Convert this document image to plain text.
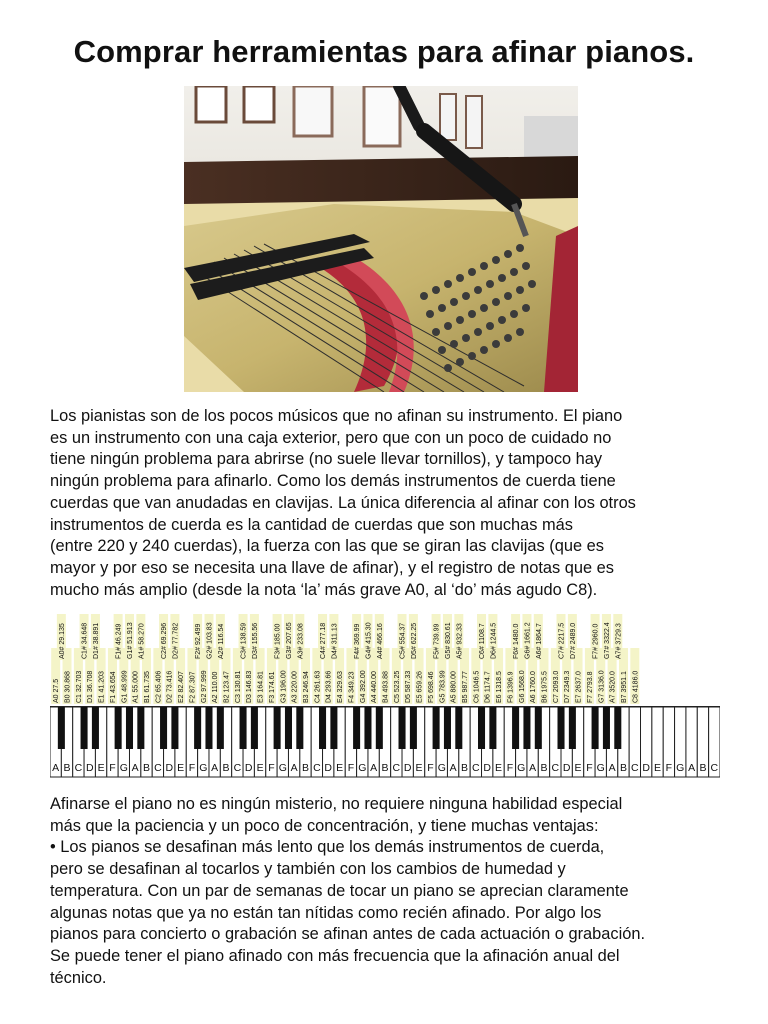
Comprar herramientas para afinar pianos.

Los pianistas son de los pocos músicos que no afinan su instrumento. El piano
es un instrumento con una caja exterior, pero que con un poco de cuidado no
tiene ningún problema para abrirse (no suele llevar tornillos), y tampoco hay
ningún problema para afinarlo. Como los demás instrumentos de cuerda tiene
cuerdas que van anudadas en clavijas. La única diferencia al afinar con los otros
instrumentos de cuerda es la cantidad de cuerdas que son muchas más
(entre 220 y 240 cuerdas), la fuerza con las que se giran las clavijas (que es
mayor y por eso se necesita una llave de afinar), y el registro de notas que es
mucho más amplio (desde la nota ‘la’ más grave A0, al ‘do’ más agudo C8).

A0 27.5 B0 30.868 C1 32.703 D1 36.708 E1 41.203 F1 43.654 G1 48.999 A1 55.000 B1 61.735 C2 65.406 D2 73.416 E2 82.407 F2 87.307 G2 97.999 A2 110.00 B2 123.47 C3 130.81 D3 146.83 E3 164.81 F3 174.61 G3 196.00 A3 220.00 B3 246.94 C4 261.63 D4 293.66 E4 329.63 F4 349.23 G4 392.00 A4 440.00 B4 493.88 C5 523.25 D5 587.33 E5 659.26 F5 698.46 G5 783.99 A5 880.00 B5 987.77 C6 1046.5 D6 1174.7 E6 1318.5 F6 1396.9 G6 1568.0 A6 1760.0 B6 1975.5 C7 2093.0 D7 2349.3 E7 2637.0 F7 2793.8 G7 3136.0 A7 3520.0 B7 3951.1 C8 4186.0
A0# 29.135 C1# 34.648 D1# 38.891 F1# 46.249 G1# 51.913 A1# 58.270 C2# 69.296 D2# 77.782 F2# 92.499 G2# 103.83 A2# 116.54 C3# 138.59 D3# 155.56 F3# 185.00 G3# 207.65 A3# 233.08 C4# 277.18 D4# 311.13 F4# 369.99 G4# 415.30 A4# 466.16 C5# 554.37 D5# 622.25 F5# 739.99 G5# 830.61 A5# 932.33 C6# 1108.7 D6# 1244.5 F6# 1480.0 G6# 1661.2 A6# 1864.7 C7# 2217.5 D7# 2489.0 F7# 2960.0 G7# 3322.4 A7# 3729.3
A B C D E F G A B C D E F G A B C D E F G A B C D E F G A B C D E F G A B C D E F G A B C D E F G A B C D E F G A B C

Afinarse el piano no es ningún misterio, no requiere ninguna habilidad especial
más que la paciencia y un poco de concentración, y tiene muchas ventajas:
• Los pianos se desafinan más lento que los demás instrumentos de cuerda,
pero se desafinan al tocarlos y también con los cambios de humedad y
temperatura. Con un par de semanas de tocar un piano se aprecian claramente
algunas notas que ya no están tan nítidas como recién afinado. Por algo los
pianos para concierto o grabación se afinan antes de cada actuación o grabación.
Se puede tener el piano afinado con más frecuencia que la afinación anual del
técnico.
